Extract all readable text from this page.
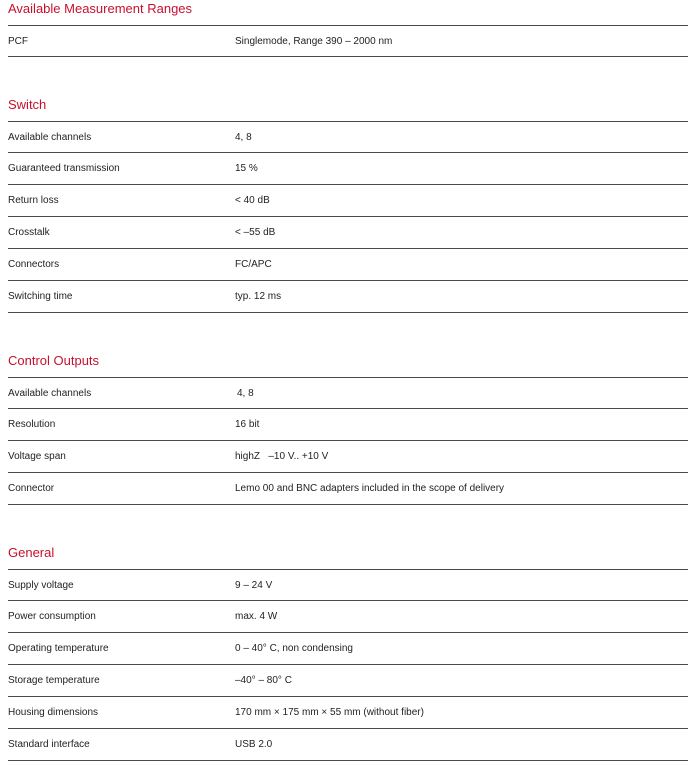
Available Measurement Ranges
PCF	Singlemode, Range 390 – 2000 nm
Switch
Available channels	4, 8
Guaranteed transmission	15 %
Return loss	< 40 dB
Crosstalk	< –55 dB
Connectors	FC/APC
Switching time	typ. 12 ms
Control Outputs
Available channels	4, 8
Resolution	16 bit
Voltage span	highZ   –10 V.. +10 V
Connector	Lemo 00 and BNC adapters included in the scope of delivery
General
Supply voltage	9 – 24 V
Power consumption	max. 4 W
Operating temperature	0 – 40° C, non condensing
Storage temperature	–40° – 80° C
Housing dimensions	170 mm × 175 mm × 55 mm (without fiber)
Standard interface	USB 2.0
